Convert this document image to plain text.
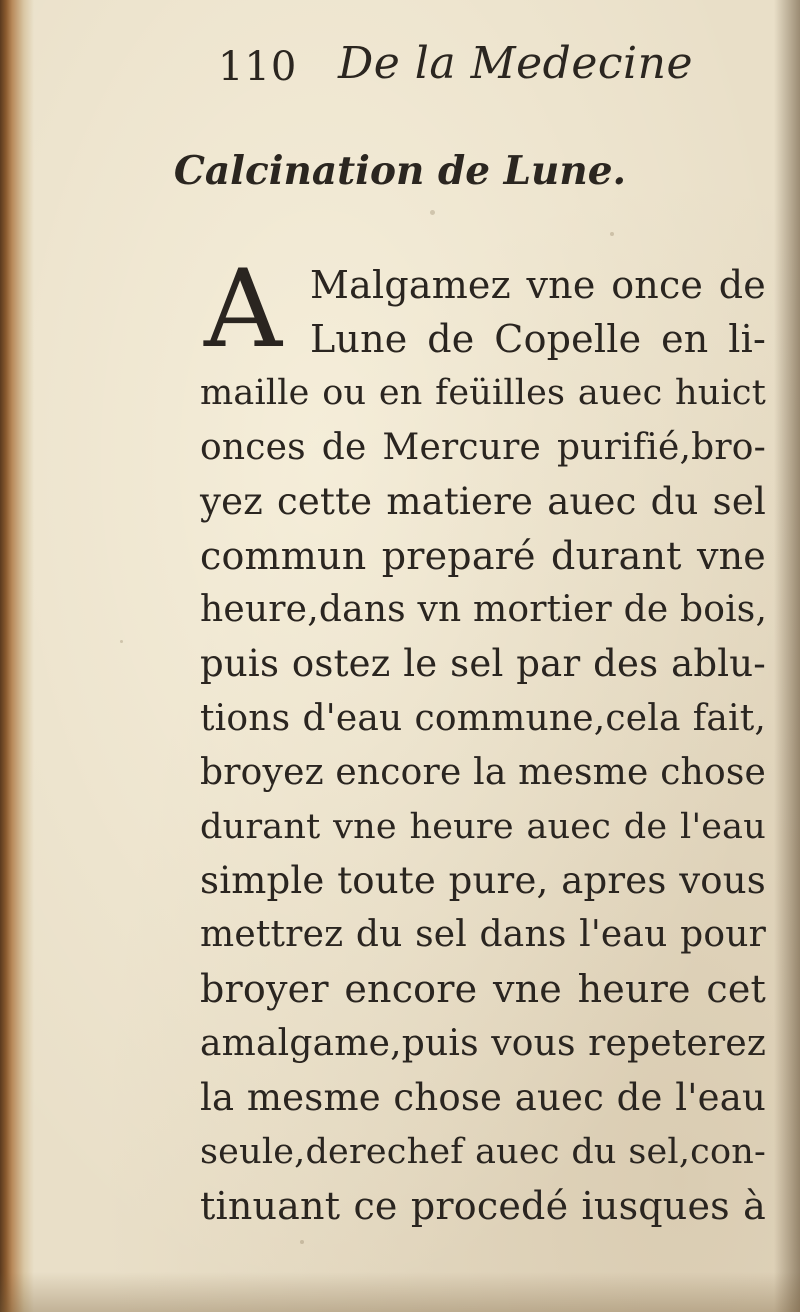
110 De la Medecine
Calcination de Lune.
A Malgamez vne once de
Lune de Copelle en li-
maille ou en feüilles auec huict
onces de Mercure purifié,bro-
yez cette matiere auec du sel
commun preparé durant vne
heure,dans vn mortier de bois,
puis ostez le sel par des ablu-
tions d'eau commune,cela fait,
broyez encore la mesme chose
durant vne heure auec de l'eau
simple toute pure, apres vous
mettrez du sel dans l'eau pour
broyer encore vne heure cet
amalgame,puis vous repeterez
la mesme chose auec de l'eau
seule,derechef auec du sel,con-
tinuant ce procedé iusques à
